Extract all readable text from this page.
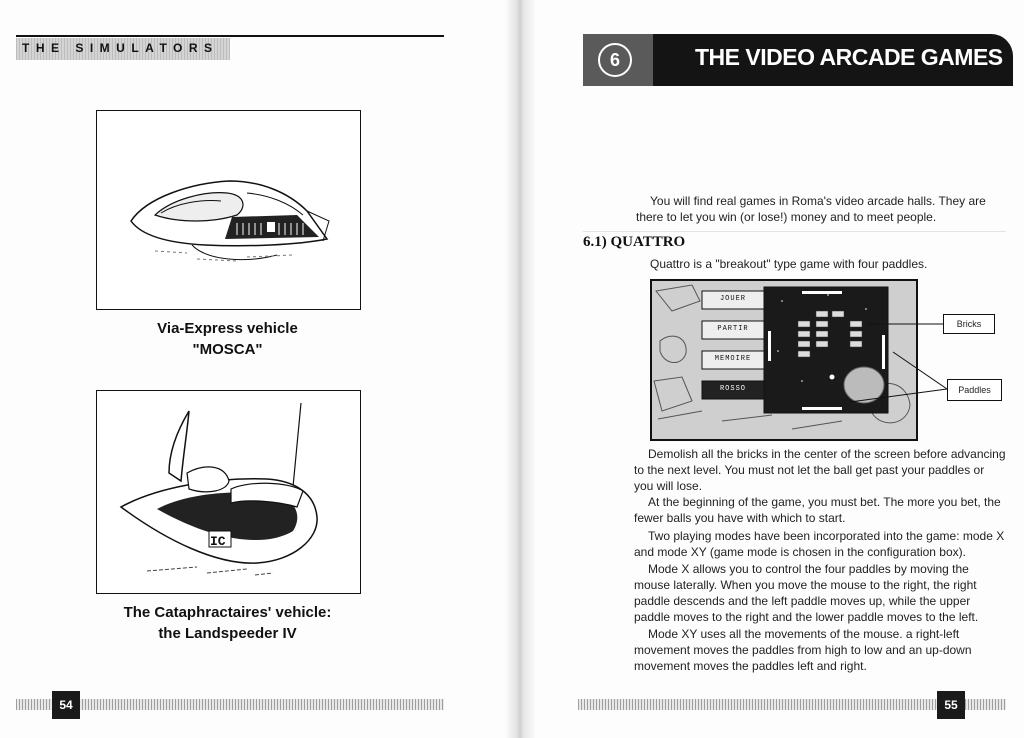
THE SIMULATORS
Via-Express vehicle
"MOSCA"
IC
The Cataphractaires' vehicle:
the Landspeeder IV
54
6	THE VIDEO ARCADE GAMES
You will find real games in Roma's video arcade halls. They are there to let you win (or lose!) money and to meet people.
6.1) QUATTRO
Quattro is a "breakout" type game with four paddles.
JOUER
PARTIR
MEMOIRE
ROSSO
Bricks
Paddles
Demolish all the bricks in the center of the screen before advancing to the next level. You must not let the ball get past your paddles or you will lose.
At the beginning of the game, you must bet. The more you bet, the fewer balls you have with which to start.
Two playing modes have been incorporated into the game: mode X and mode XY (game mode is chosen in the configuration box).
Mode X allows you to control the four paddles by moving the mouse laterally. When you move the mouse to the right, the right paddle descends and the left paddle moves up, while the upper paddle moves to the right and the lower paddle moves to the left.
Mode XY uses all the movements of the mouse. a right-left movement moves the paddles from high to low and an up-down movement moves the paddles left and right.
55
